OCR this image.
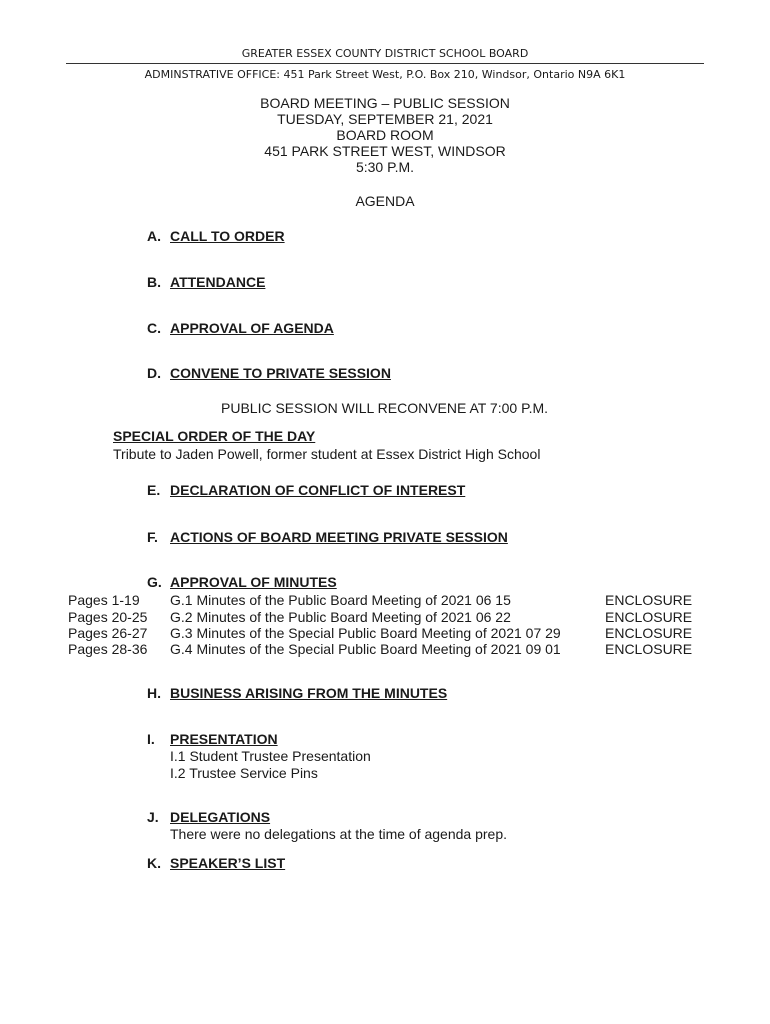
GREATER ESSEX COUNTY DISTRICT SCHOOL BOARD
ADMINSTRATIVE OFFICE: 451 Park Street West, P.O. Box 210, Windsor, Ontario N9A 6K1
BOARD MEETING – PUBLIC SESSION
TUESDAY, SEPTEMBER 21, 2021
BOARD ROOM
451 PARK STREET WEST, WINDSOR
5:30 P.M.
AGENDA
A. CALL TO ORDER
B. ATTENDANCE
C. APPROVAL OF AGENDA
D. CONVENE TO PRIVATE SESSION
PUBLIC SESSION WILL RECONVENE AT 7:00 P.M.
SPECIAL ORDER OF THE DAY
Tribute to Jaden Powell, former student at Essex District High School
E. DECLARATION OF CONFLICT OF INTEREST
F. ACTIONS OF BOARD MEETING PRIVATE SESSION
G. APPROVAL OF MINUTES
Pages 1-19 G.1 Minutes of the Public Board Meeting of 2021 06 15	ENCLOSURE
Pages 20-25 G.2 Minutes of the Public Board Meeting of 2021 06 22	ENCLOSURE
Pages 26-27 G.3 Minutes of the Special Public Board Meeting of 2021 07 29	ENCLOSURE
Pages 28-36 G.4 Minutes of the Special Public Board Meeting of 2021 09 01	ENCLOSURE
H. BUSINESS ARISING FROM THE MINUTES
I. PRESENTATION
I.1 Student Trustee Presentation
I.2 Trustee Service Pins
J. DELEGATIONS
There were no delegations at the time of agenda prep.
K. SPEAKER’S LIST
